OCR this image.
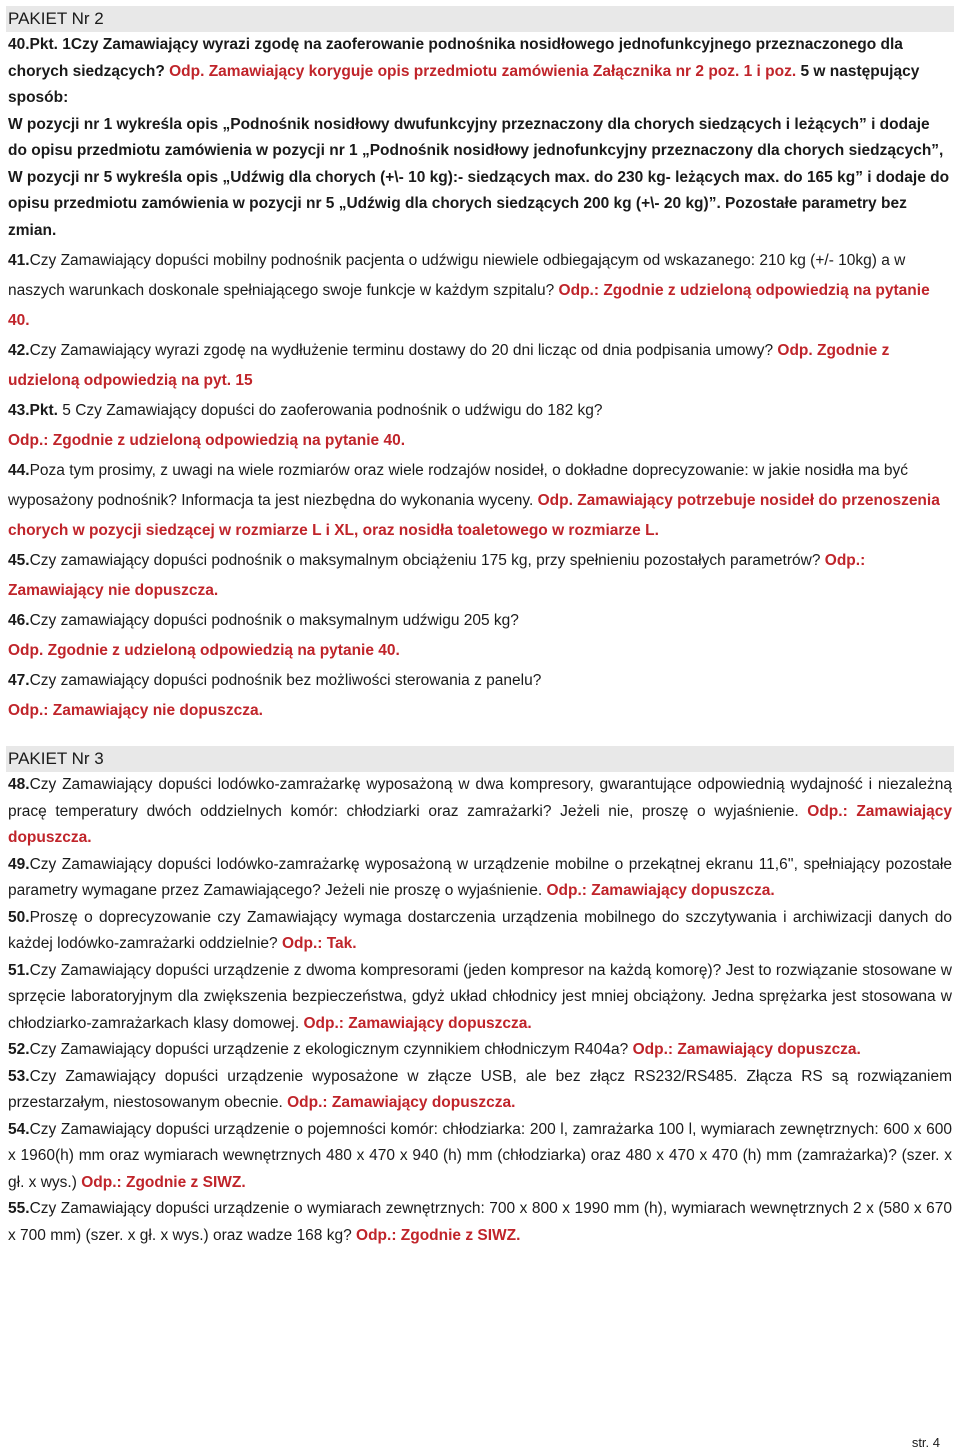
PAKIET Nr 2
40.Pkt. 1Czy Zamawiający wyrazi zgodę na zaoferowanie podnośnika nosidłowego jednofunkcyjnego przeznaczonego dla chorych siedzących? Odp. Zamawiający koryguje opis przedmiotu zamówienia Załącznika nr 2 poz. 1 i poz. 5 w następujący sposób:
W pozycji nr 1 wykreśla opis „Podnośnik nosidłowy dwufunkcyjny przeznaczony dla chorych siedzących i leżących” i dodaje do opisu przedmiotu zamówienia w pozycji nr 1 „Podnośnik nosidłowy jednofunkcyjny przeznaczony dla chorych siedzących”,
W pozycji nr 5 wykreśla opis „Udźwig dla chorych (+\- 10 kg):- siedzących max. do 230 kg- leżących max. do 165 kg” i dodaje do opisu przedmiotu zamówienia w pozycji nr 5 „Udźwig dla chorych siedzących 200 kg (+\- 20 kg)”. Pozostałe parametry bez zmian.
41.Czy Zamawiający dopuści mobilny podnośnik pacjenta o udźwigu niewiele odbiegającym od wskazanego: 210 kg (+/- 10kg) a w naszych warunkach doskonale spełniającego swoje funkcje w każdym szpitalu? Odp.: Zgodnie z udzieloną odpowiedzią na pytanie 40.
42.Czy Zamawiający wyrazi zgodę na wydłużenie terminu dostawy do 20 dni licząc od dnia podpisania umowy? Odp. Zgodnie z udzieloną odpowiedzią na pyt. 15
43.Pkt. 5 Czy Zamawiający dopuści do zaoferowania podnośnik o udźwigu do 182 kg?
Odp.: Zgodnie z udzieloną odpowiedzią na pytanie 40.
44.Poza tym prosimy, z uwagi na wiele rozmiarów oraz wiele rodzajów nosideł, o dokładne doprecyzowanie: w jakie nosidła ma być wyposażony podnośnik? Informacja ta jest niezbędna do wykonania wyceny. Odp. Zamawiający potrzebuje nosideł do przenoszenia chorych w pozycji siedzącej w rozmiarze L i XL, oraz nosidła toaletowego w rozmiarze L.
45.Czy zamawiający dopuści podnośnik o maksymalnym obciążeniu 175 kg, przy spełnieniu pozostałych parametrów? Odp.: Zamawiający nie dopuszcza.
46.Czy zamawiający dopuści podnośnik o maksymalnym udźwigu 205 kg?
Odp. Zgodnie z udzieloną odpowiedzią na pytanie 40.
47.Czy zamawiający dopuści podnośnik bez możliwości sterowania z panelu?
Odp.: Zamawiający nie dopuszcza.
PAKIET Nr 3
48.Czy Zamawiający dopuści lodówko-zamrażarkę wyposażoną w dwa kompresory, gwarantujące odpowiednią wydajność i niezależną pracę temperatury dwóch oddzielnych komór: chłodziarki oraz zamrażarki? Jeżeli nie, proszę o wyjaśnienie. Odp.: Zamawiający dopuszcza.
49.Czy Zamawiający dopuści lodówko-zamrażarkę wyposażoną w urządzenie mobilne o przekątnej ekranu 11,6'', spełniający pozostałe parametry wymagane przez Zamawiającego? Jeżeli nie proszę o wyjaśnienie. Odp.: Zamawiający dopuszcza.
50.Proszę o doprecyzowanie czy Zamawiający wymaga dostarczenia urządzenia mobilnego do szczytywania i archiwizacji danych do każdej lodówko-zamrażarki oddzielnie? Odp.: Tak.
51.Czy Zamawiający dopuści urządzenie z dwoma kompresorami (jeden kompresor na każdą komorę)? Jest to rozwiązanie stosowane w sprzęcie laboratoryjnym dla zwiększenia bezpieczeństwa, gdyż układ chłodnicy jest mniej obciążony. Jedna sprężarka jest stosowana w chłodziarko-zamrażarkach klasy domowej. Odp.: Zamawiający dopuszcza.
52.Czy Zamawiający dopuści urządzenie z ekologicznym czynnikiem chłodniczym R404a? Odp.: Zamawiający dopuszcza.
53.Czy Zamawiający dopuści urządzenie wyposażone w złącze USB, ale bez złącz RS232/RS485. Złącza RS są rozwiązaniem przestarzałym, niestosowanym obecnie. Odp.: Zamawiający dopuszcza.
54.Czy Zamawiający dopuści urządzenie o pojemności komór: chłodziarka: 200 l, zamrażarka 100 l, wymiarach zewnętrznych: 600 x 600 x 1960(h) mm oraz wymiarach wewnętrznych 480 x 470 x 940 (h) mm (chłodziarka) oraz 480 x 470 x 470 (h) mm (zamrażarka)? (szer. x gł. x wys.) Odp.: Zgodnie z SIWZ.
55.Czy Zamawiający dopuści urządzenie o wymiarach zewnętrznych: 700 x 800 x 1990 mm (h), wymiarach wewnętrznych 2 x (580 x 670 x 700 mm) (szer. x gł. x wys.) oraz wadze 168 kg? Odp.: Zgodnie z SIWZ.
str. 4
